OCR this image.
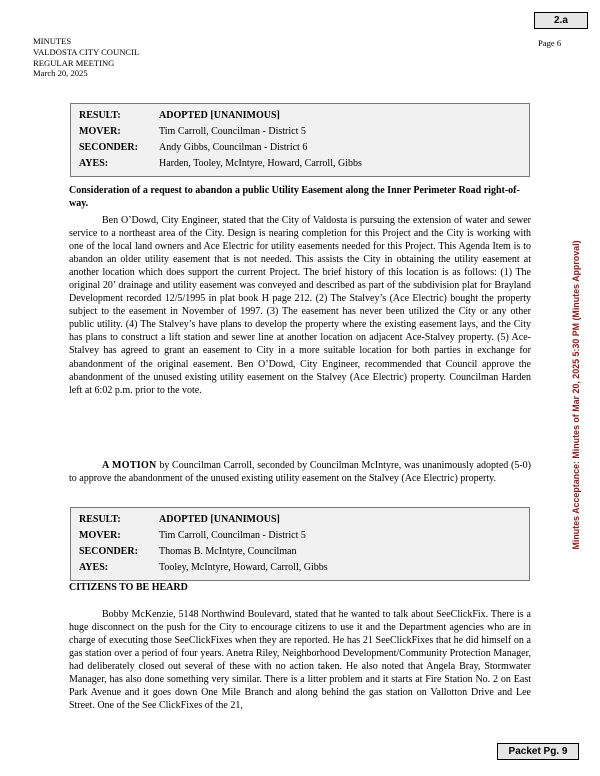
2.a
MINUTES
VALDOSTA CITY COUNCIL
REGULAR MEETING
March 20, 2025
Page 6
Minutes Acceptance: Minutes of Mar 20, 2025 5:30 PM (Minutes Approval)
RESULT:	ADOPTED [UNANIMOUS]
MOVER:	Tim Carroll, Councilman - District 5
SECONDER:	Andy Gibbs, Councilman - District 6
AYES:	Harden, Tooley, McIntyre, Howard, Carroll, Gibbs
Consideration of a request to abandon a public Utility Easement along the Inner Perimeter Road right-of-way.

Ben O’Dowd, City Engineer, stated that the City of Valdosta is pursuing the extension of water and sewer service to a northeast area of the City. Design is nearing completion for this Project and the City is working with one of the local land owners and Ace Electric for utility easements needed for this Project. This Agenda Item is to abandon an older utility easement that is not needed. This assists the City in obtaining the utility easement at another location which does support the current Project. The brief history of this location is as follows: (1) The original 20’ drainage and utility easement was conveyed and described as part of the subdivision plat for Brayland Development recorded 12/5/1995 in plat book H page 212. (2) The Stalvey’s (Ace Electric) bought the property subject to the easement in November of 1997. (3) The easement has never been utilized the City or any other public utility. (4) The Stalvey’s have plans to develop the property where the existing easement lays, and the City has plans to construct a lift station and sewer line at another location on adjacent Ace-Stalvey property. (5) Ace-Stalvey has agreed to grant an easement to City in a more suitable location for both parties in exchange for abandonment of the original easement. Ben O’Dowd, City Engineer, recommended that Council approve the abandonment of the unused existing utility easement on the Stalvey (Ace Electric) property. Councilman Harden left at 6:02 p.m. prior to the vote.

A MOTION by Councilman Carroll, seconded by Councilman McIntyre, was unanimously adopted (5-0) to approve the abandonment of the unused existing utility easement on the Stalvey (Ace Electric) property.

RESULT:	ADOPTED [UNANIMOUS]
MOVER:	Tim Carroll, Councilman - District 5
SECONDER:	Thomas B. McIntyre, Councilman
AYES:	Tooley, McIntyre, Howard, Carroll, Gibbs
CITIZENS TO BE HEARD

Bobby McKenzie, 5148 Northwind Boulevard, stated that he wanted to talk about SeeClickFix. There is a huge disconnect on the push for the City to encourage citizens to use it and the Department agencies who are in charge of executing those SeeClickFixes when they are reported. He has 21 SeeClickFixes that he did himself on a gas station over a period of four years. Anetra Riley, Neighborhood Development/Community Protection Manager, had deliberately closed out several of these with no action taken. He also noted that Angela Bray, Stormwater Manager, has also done something very similar. There is a litter problem and it starts at Fire Station No. 2 on East Park Avenue and it goes down One Mile Branch and along behind the gas station on Vallotton Drive and Lee Street. One of the See ClickFixes of the 21,

Packet Pg. 9
